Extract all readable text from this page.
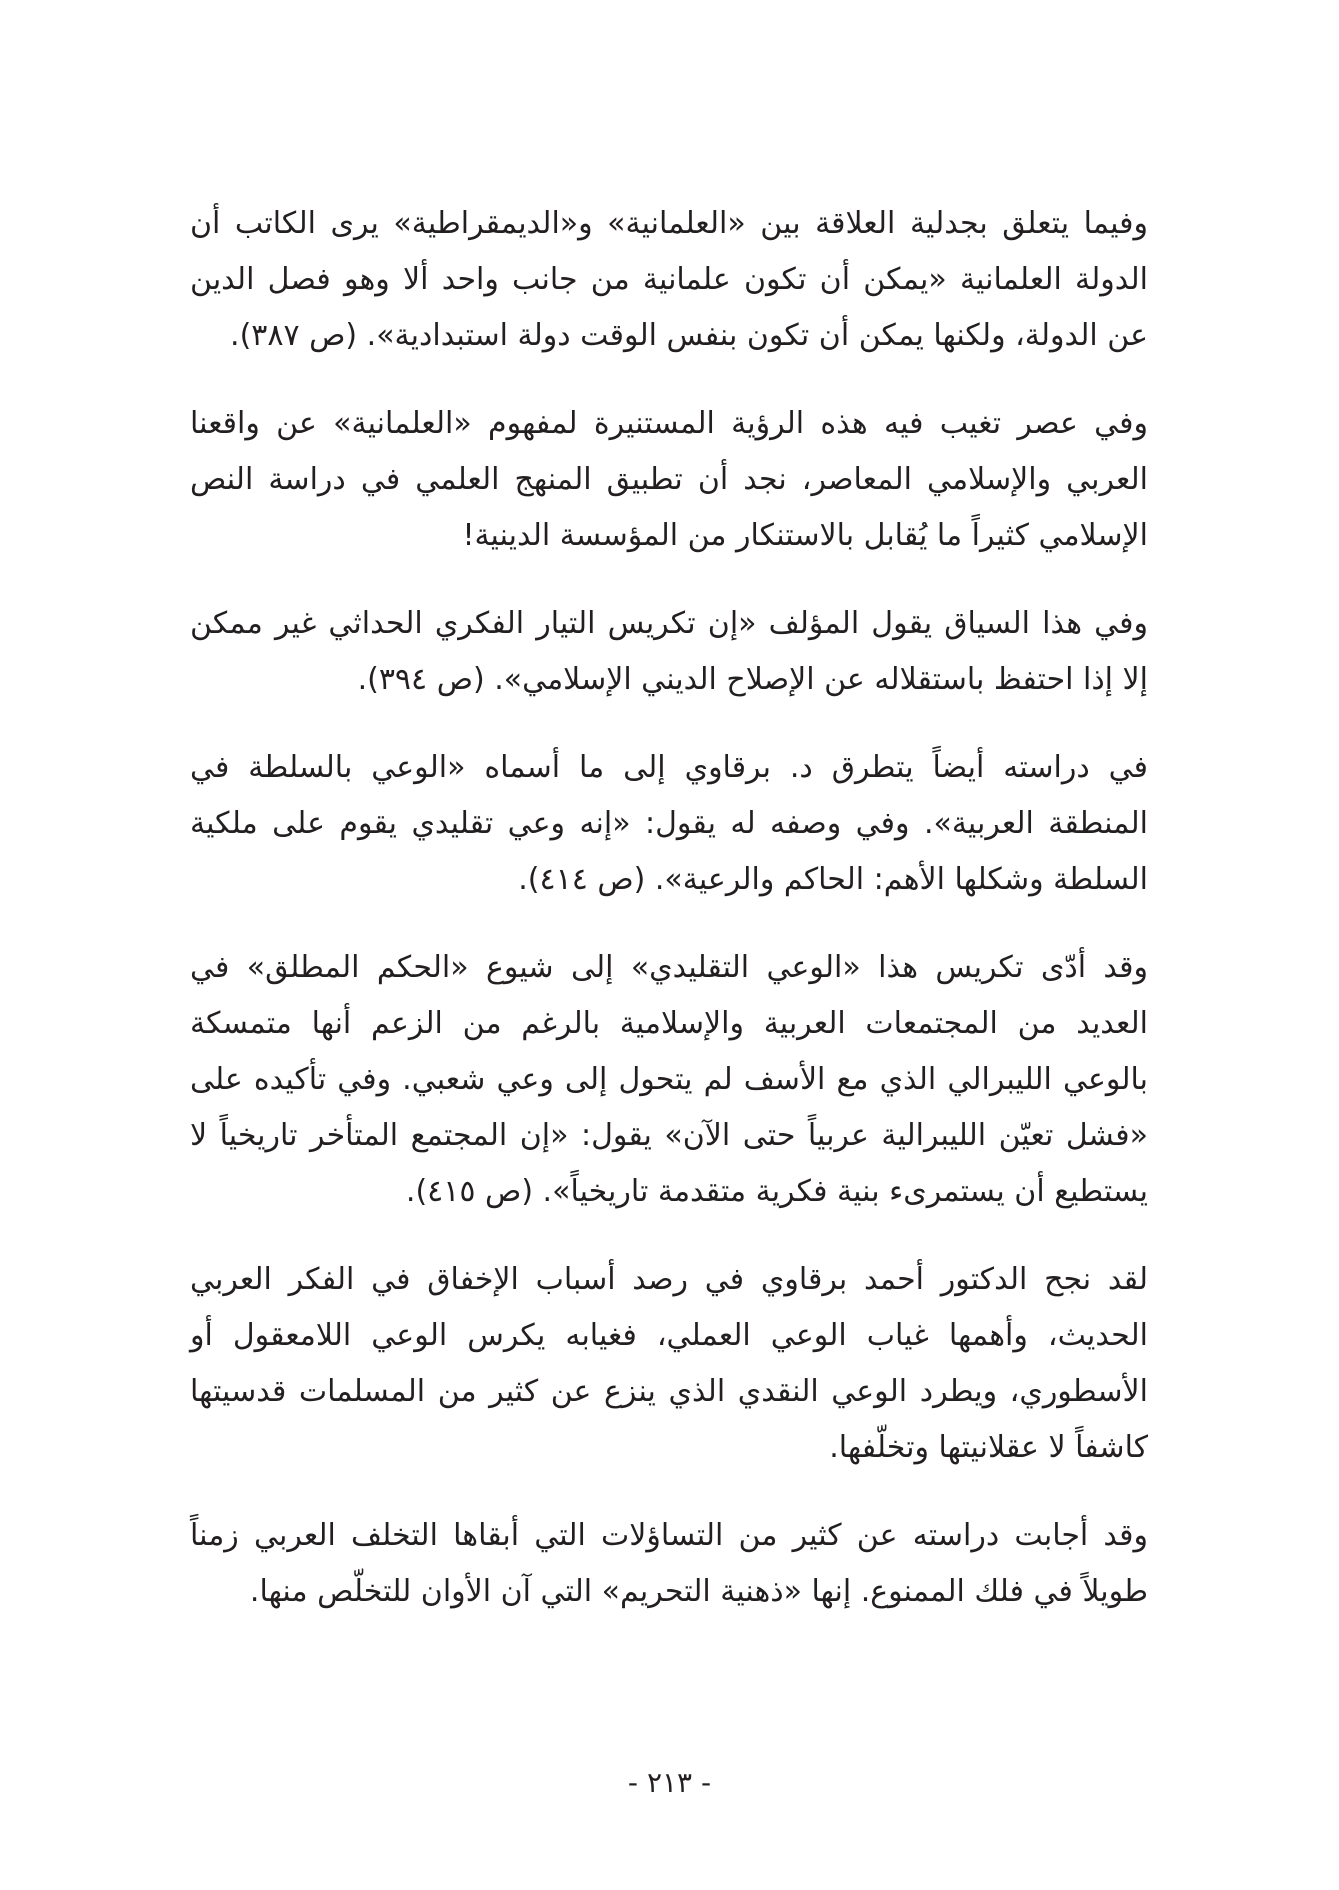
وفيما يتعلق بجدلية العلاقة بين «العلمانية» و«الديمقراطية» يرى الكاتب أن الدولة العلمانية «يمكن أن تكون علمانية من جانب واحد ألا وهو فصل الدين عن الدولة، ولكنها يمكن أن تكون بنفس الوقت دولة استبدادية». (ص ٣٨٧).

وفي عصر تغيب فيه هذه الرؤية المستنيرة لمفهوم «العلمانية» عن واقعنا العربي والإسلامي المعاصر، نجد أن تطبيق المنهج العلمي في دراسة النص الإسلامي كثيراً ما يُقابل بالاستنكار من المؤسسة الدينية!

وفي هذا السياق يقول المؤلف «إن تكريس التيار الفكري الحداثي غير ممكن إلا إذا احتفظ باستقلاله عن الإصلاح الديني الإسلامي». (ص ٣٩٤).

في دراسته أيضاً يتطرق د. برقاوي إلى ما أسماه «الوعي بالسلطة في المنطقة العربية». وفي وصفه له يقول: «إنه وعي تقليدي يقوم على ملكية السلطة وشكلها الأهم: الحاكم والرعية». (ص ٤١٤).

وقد أدّى تكريس هذا «الوعي التقليدي» إلى شيوع «الحكم المطلق» في العديد من المجتمعات العربية والإسلامية بالرغم من الزعم أنها متمسكة بالوعي الليبرالي الذي مع الأسف لم يتحول إلى وعي شعبي. وفي تأكيده على «فشل تعيّن الليبرالية عربياً حتى الآن» يقول: «إن المجتمع المتأخر تاريخياً لا يستطيع أن يستمرىء بنية فكرية متقدمة تاريخياً». (ص ٤١٥).

لقد نجح الدكتور أحمد برقاوي في رصد أسباب الإخفاق في الفكر العربي الحديث، وأهمها غياب الوعي العملي، فغيابه يكرس الوعي اللامعقول أو الأسطوري، ويطرد الوعي النقدي الذي ينزع عن كثير من المسلمات قدسيتها كاشفاً لا عقلانيتها وتخلّفها.

وقد أجابت دراسته عن كثير من التساؤلات التي أبقاها التخلف العربي زمناً طويلاً في فلك الممنوع. إنها «ذهنية التحريم» التي آن الأوان للتخلّص منها.

- ٢١٣ -
